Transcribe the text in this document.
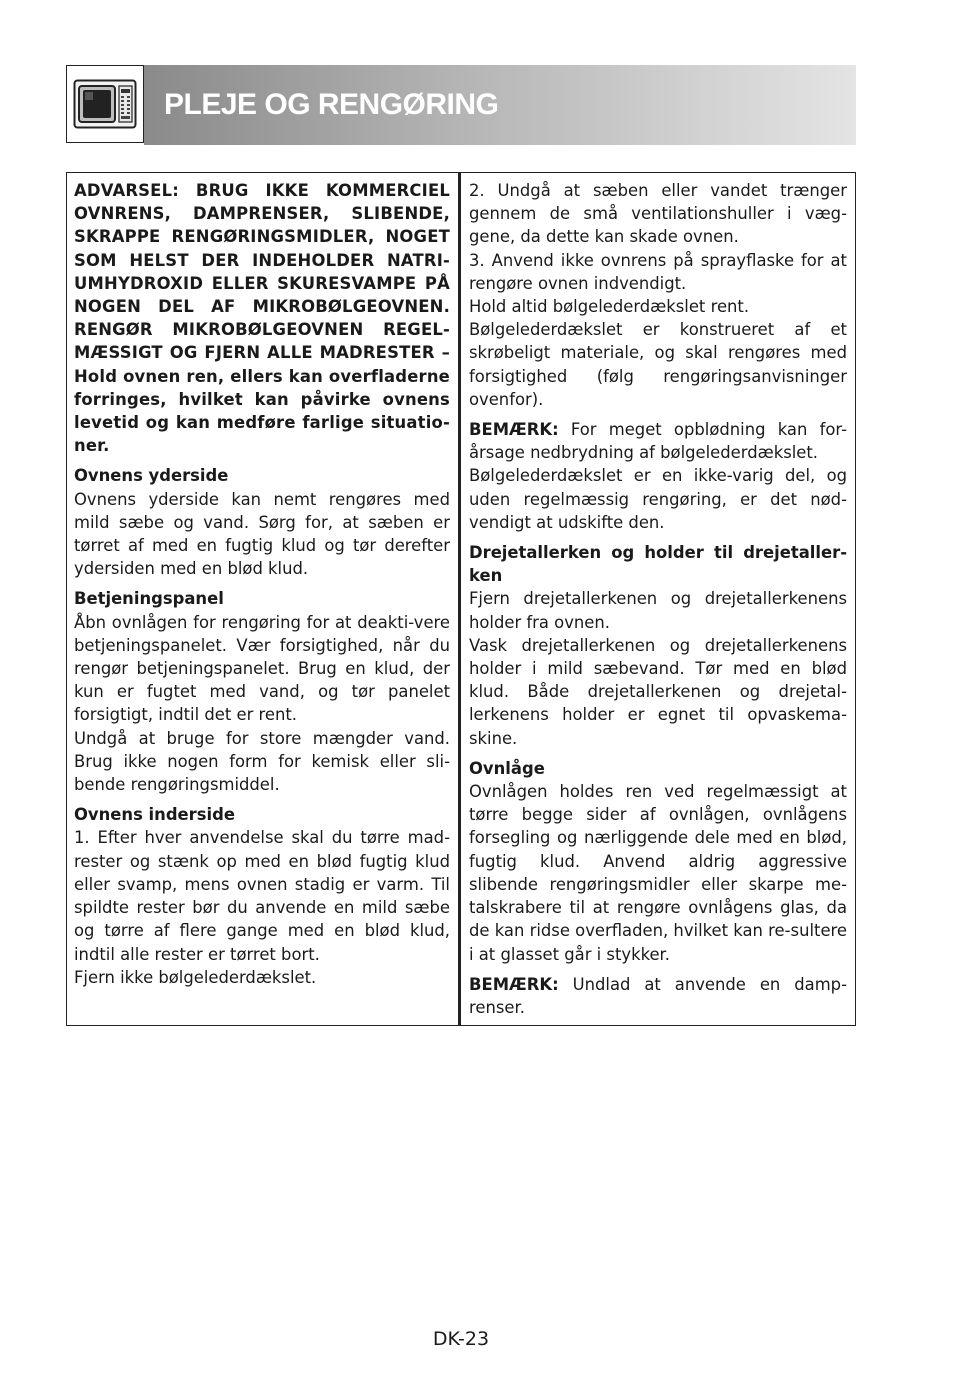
PLEJE OG RENGØRING

ADVARSEL: BRUG IKKE KOMMERCIEL OVNRENS, DAMPRENSER, SLIBENDE, SKRAPPE RENGØRINGSMIDLER, NOGET SOM HELST DER INDEHOLDER NATRI-UMHYDROXID ELLER SKURESVAMPE PÅ NOGEN DEL AF MIKROBØLGEOVNEN. RENGØR MIKROBØLGEOVNEN REGEL-MÆSSIGT OG FJERN ALLE MADRESTER – Hold ovnen ren, ellers kan overfladerne forringes, hvilket kan påvirke ovnens levetid og kan medføre farlige situatio-ner.

Ovnens yderside

Ovnens yderside kan nemt rengøres med mild sæbe og vand. Sørg for, at sæben er tørret af med en fugtig klud og tør derefter ydersiden med en blød klud.

Betjeningspanel

Åbn ovnlågen for rengøring for at deakti-vere betjeningspanelet. Vær forsigtighed, når du rengør betjeningspanelet. Brug en klud, der kun er fugtet med vand, og tør panelet forsigtigt, indtil det er rent.

Undgå at bruge for store mængder vand. Brug ikke nogen form for kemisk eller sli-bende rengøringsmiddel.

Ovnens inderside

1. Efter hver anvendelse skal du tørre mad-rester og stænk op med en blød fugtig klud eller svamp, mens ovnen stadig er varm. Til spildte rester bør du anvende en mild sæbe og tørre af flere gange med en blød klud, indtil alle rester er tørret bort.

Fjern ikke bølgelederdækslet.

2. Undgå at sæben eller vandet trænger gennem de små ventilationshuller i væg-gene, da dette kan skade ovnen.

3. Anvend ikke ovnrens på sprayflaske for at rengøre ovnen indvendigt.

Hold altid bølgelederdækslet rent.

Bølgelederdækslet er konstrueret af et skrøbeligt materiale, og skal rengøres med forsigtighed (følg rengøringsanvisninger ovenfor).

BEMÆRK: For meget opblødning kan for-årsage nedbrydning af bølgelederdækslet.

Bølgelederdækslet er en ikke-varig del, og uden regelmæssig rengøring, er det nød-vendigt at udskifte den.

Drejetallerken og holder til drejetaller-ken

Fjern drejetallerkenen og drejetallerkenens holder fra ovnen.

Vask drejetallerkenen og drejetallerkenens holder i mild sæbevand. Tør med en blød klud. Både drejetallerkenen og drejetal-lerkenens holder er egnet til opvaskema-skine.

Ovnlåge

Ovnlågen holdes ren ved regelmæssigt at tørre begge sider af ovnlågen, ovnlågens forsegling og nærliggende dele med en blød, fugtig klud. Anvend aldrig aggressive slibende rengøringsmidler eller skarpe me-talskrabere til at rengøre ovnlågens glas, da de kan ridse overfladen, hvilket kan re-sultere i at glasset går i stykker.

BEMÆRK: Undlad at anvende en damp-renser.

DK-23
